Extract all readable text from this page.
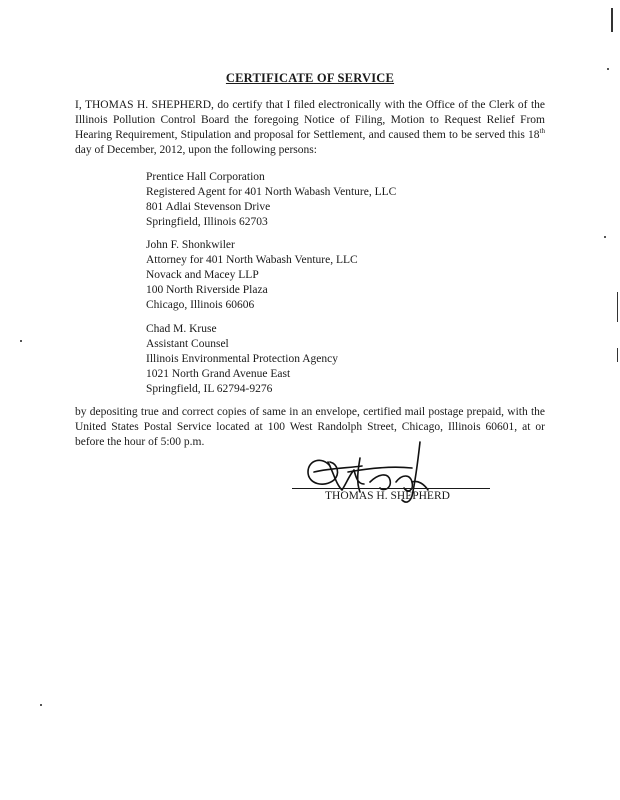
CERTIFICATE OF SERVICE
I, THOMAS H. SHEPHERD, do certify that I filed electronically with the Office of the Clerk of the Illinois Pollution Control Board the foregoing Notice of Filing, Motion to Request Relief From Hearing Requirement, Stipulation and proposal for Settlement, and caused them to be served this 18th day of December, 2012, upon the following persons:
Prentice Hall Corporation
Registered Agent for 401 North Wabash Venture, LLC
801 Adlai Stevenson Drive
Springfield, Illinois 62703
John F. Shonkwiler
Attorney for 401 North Wabash Venture, LLC
Novack and Macey LLP
100 North Riverside Plaza
Chicago, Illinois 60606
Chad M. Kruse
Assistant Counsel
Illinois Environmental Protection Agency
1021 North Grand Avenue East
Springfield, IL 62794-9276
by depositing true and correct copies of same in an envelope, certified mail postage prepaid, with the United States Postal Service located at 100 West Randolph Street, Chicago, Illinois 60601, at or before the hour of 5:00 p.m.
THOMAS H. SHEPHERD
